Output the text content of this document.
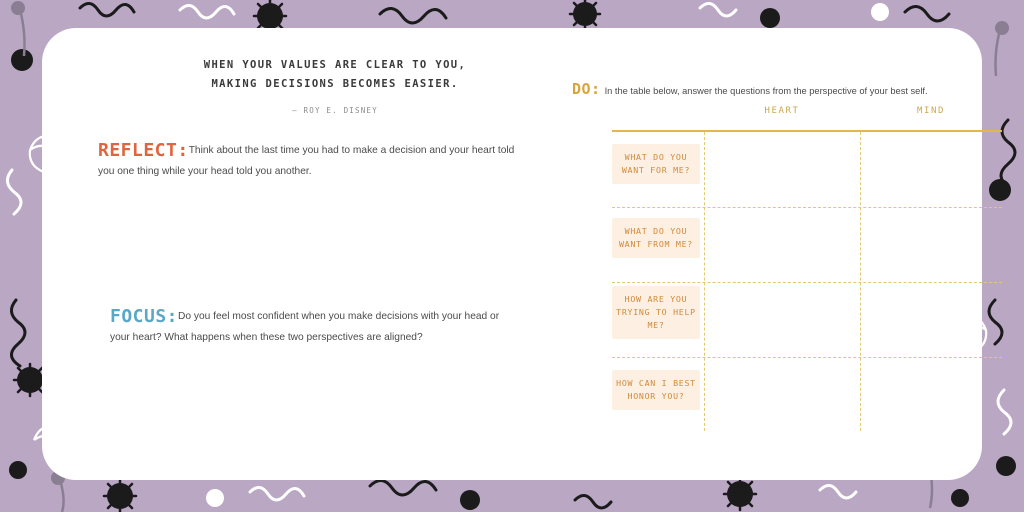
WHEN YOUR VALUES ARE CLEAR TO YOU,
MAKING DECISIONS BECOMES EASIER.
— ROY E. DISNEY
REFLECT:Think about the last time you had to make a decision and your heart told you one thing while your head told you another.
FOCUS:Do you feel most confident when you make decisions with your head or your heart? What happens when these two perspectives are aligned?
DO: In the table below, answer the questions from the perspective of your best self.
HEART	MIND
WHAT DO YOU WANT FOR ME?
WHAT DO YOU WANT FROM ME?
HOW ARE YOU TRYING TO HELP ME?
HOW CAN I BEST HONOR YOU?
